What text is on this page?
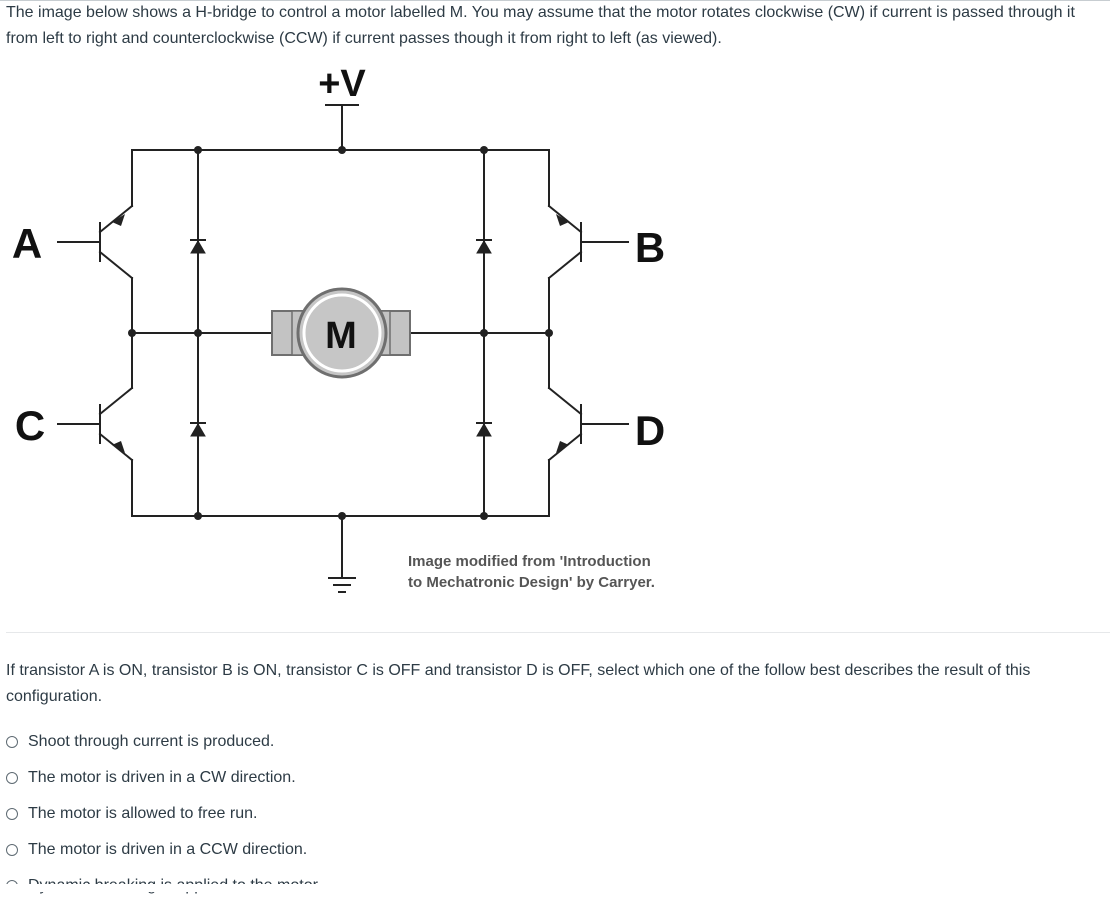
The image below shows a H-bridge to control a motor labelled M. You may assume that the motor rotates clockwise (CW) if current is passed through it
from left to right and counterclockwise (CCW) if current passes though it from right to left (as viewed).
+V
M
A	B
C	D
Image modified from 'Introduction
to Mechatronic Design' by Carryer.
If transistor A is ON, transistor B is ON, transistor C is OFF and transistor D is OFF, select which one of the follow best describes the result of this configuration.
Shoot through current is produced.
The motor is driven in a CW direction.
The motor is allowed to free run.
The motor is driven in a CCW direction.
